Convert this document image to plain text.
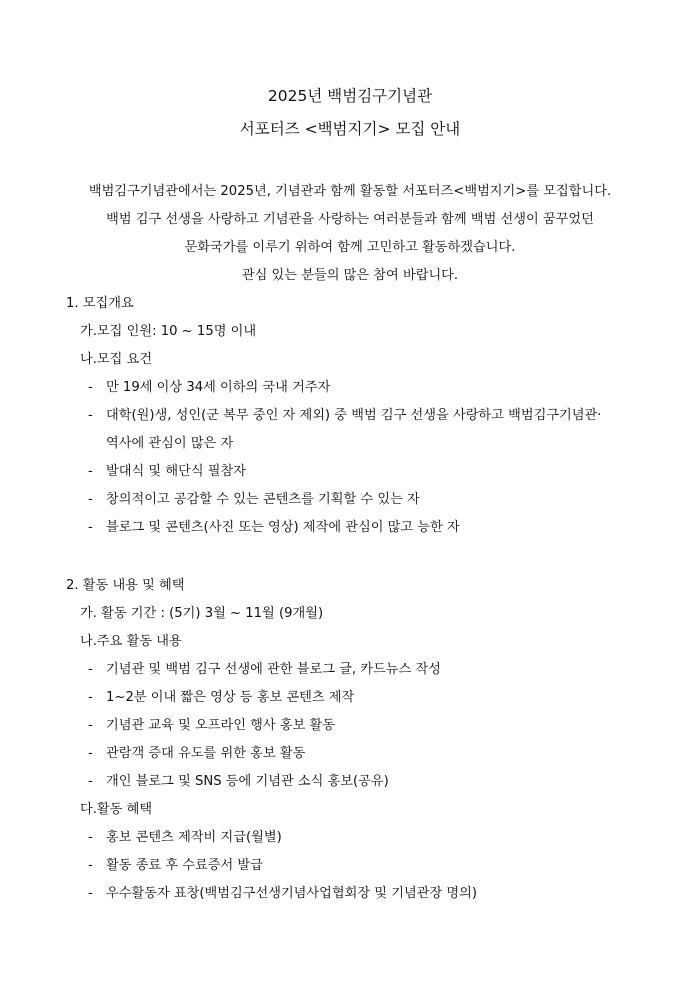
2025년 백범김구기념관
서포터즈 <백범지기> 모집 안내
백범김구기념관에서는 2025년, 기념관과 함께 활동할 서포터즈<백범지기>를 모집합니다.
백범 김구 선생을 사랑하고 기념관을 사랑하는 여러분들과 함께 백범 선생이 꿈꾸었던
문화국가를 이루기 위하여 함께 고민하고 활동하겠습니다.
관심 있는 분들의 많은 참여 바랍니다.
1. 모집개요
가.모집 인원: 10 ~ 15명 이내
나.모집 요건
- 만 19세 이상 34세 이하의 국내 거주자
- 대학(원)생, 성인(군 복무 중인 자 제외) 중 백범 김구 선생을 사랑하고 백범김구기념관·
역사에 관심이 많은 자
- 발대식 및 해단식 필참자
- 창의적이고 공감할 수 있는 콘텐츠를 기획할 수 있는 자
- 블로그 및 콘텐츠(사진 또는 영상) 제작에 관심이 많고 능한 자
2. 활동 내용 및 혜택
가. 활동 기간 : (5기) 3월 ~ 11월 (9개월)
나.주요 활동 내용
- 기념관 및 백범 김구 선생에 관한 블로그 글, 카드뉴스 작성
- 1~2분 이내 짧은 영상 등 홍보 콘텐츠 제작
- 기념관 교육 및 오프라인 행사 홍보 활동
- 관람객 증대 유도를 위한 홍보 활동
- 개인 블로그 및 SNS 등에 기념관 소식 홍보(공유)
다.활동 혜택
- 홍보 콘텐츠 제작비 지급(월별)
- 활동 종료 후 수료증서 발급
- 우수활동자 표창(백범김구선생기념사업협회장 및 기념관장 명의)
